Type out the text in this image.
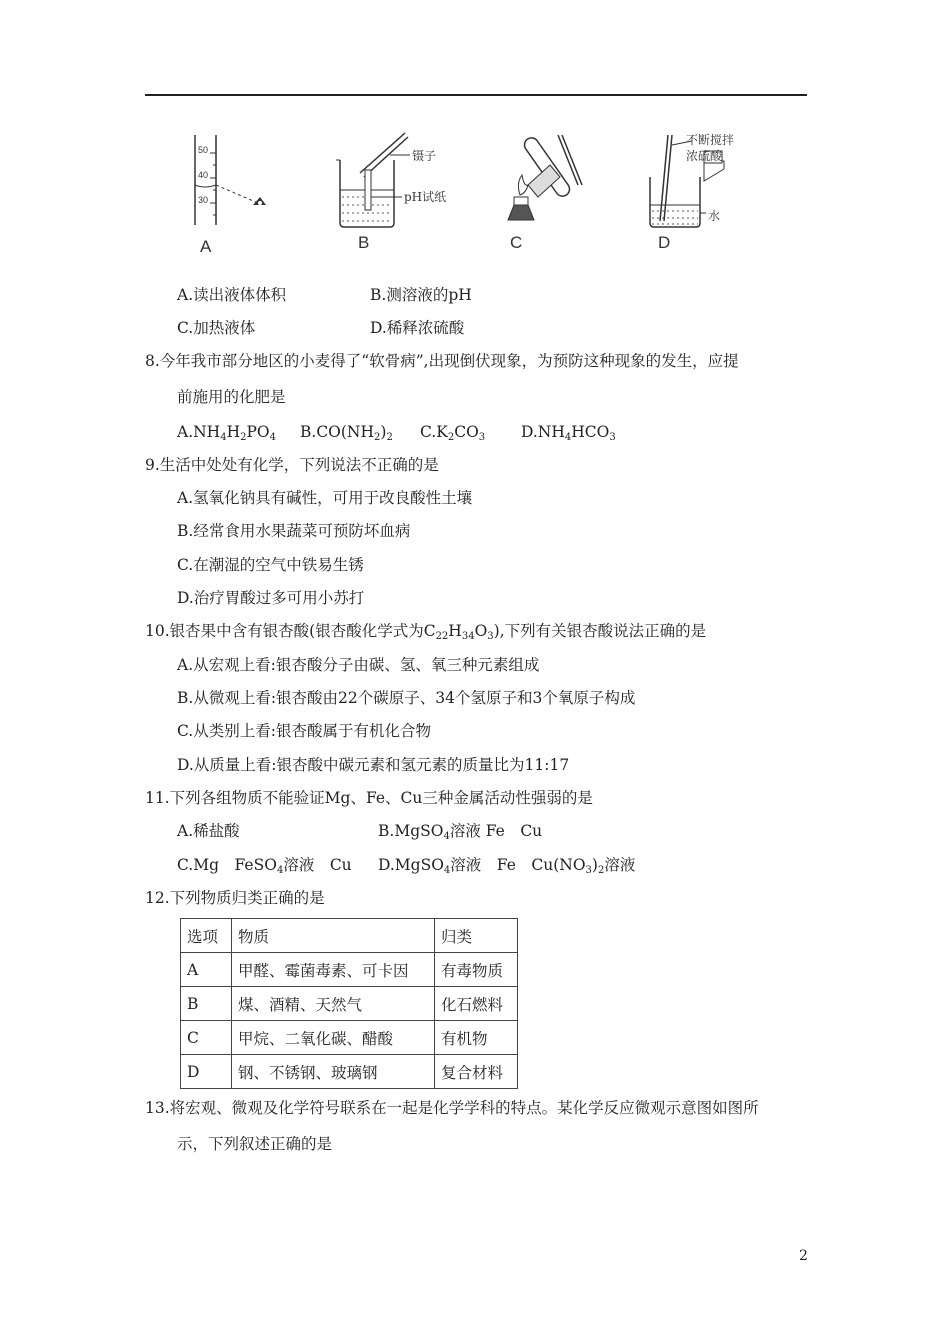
50
40
30
A
镊子
pH试纸
B	C
不断搅拌
浓硫酸
水
D
A.读出液体体积	B.测溶液的pH
C.加热液体	D.稀释浓硫酸
8.今年我市部分地区的小麦得了“软骨病”,出现倒伏现象，为预防这种现象的发生，应提
前施用的化肥是
$A.NH_4H_2PO_4$ $B.CO(NH_2)_2$ $C.K_2CO_3$ $D.NH_4HCO_3$
9.生活中处处有化学，下列说法不正确的是
A.氢氧化钠具有碱性，可用于改良酸性土壤
B.经常食用水果蔬菜可预防坏血病
C.在潮湿的空气中铁易生锈
D.治疗胃酸过多可用小苏打
10.银杏果中含有银杏酸(银杏酸化学式为$C_{22}H_{34}O_3$),下列有关银杏酸说法正确的是
A.从宏观上看:银杏酸分子由碳、氢、氧三种元素组成
B.从微观上看:银杏酸由22个碳原子、34个氢原子和3个氧原子构成
C.从类别上看:银杏酸属于有机化合物
D.从质量上看:银杏酸中碳元素和氢元素的质量比为11:17
11.下列各组物质不能验证Mg、Fe、Cu三种金属活动性强弱的是
A.稀盐酸	B.MgSO$_4$溶液 Fe　Cu
C.Mg　FeSO$_4$溶液　Cu D.MgSO$_4$溶液　Fe　$Cu(NO_3)_2$溶液
12.下列物质归类正确的是
选项	物质	归类
A	甲醛、霉菌毒素、可卡因	有毒物质
B	煤、酒精、天然气	化石燃料
C	甲烷、二氧化碳、醋酸	有机物
D	钢、不锈钢、玻璃钢	复合材料
13.将宏观、微观及化学符号联系在一起是化学学科的特点。某化学反应微观示意图如图所
示，下列叙述正确的是
2
